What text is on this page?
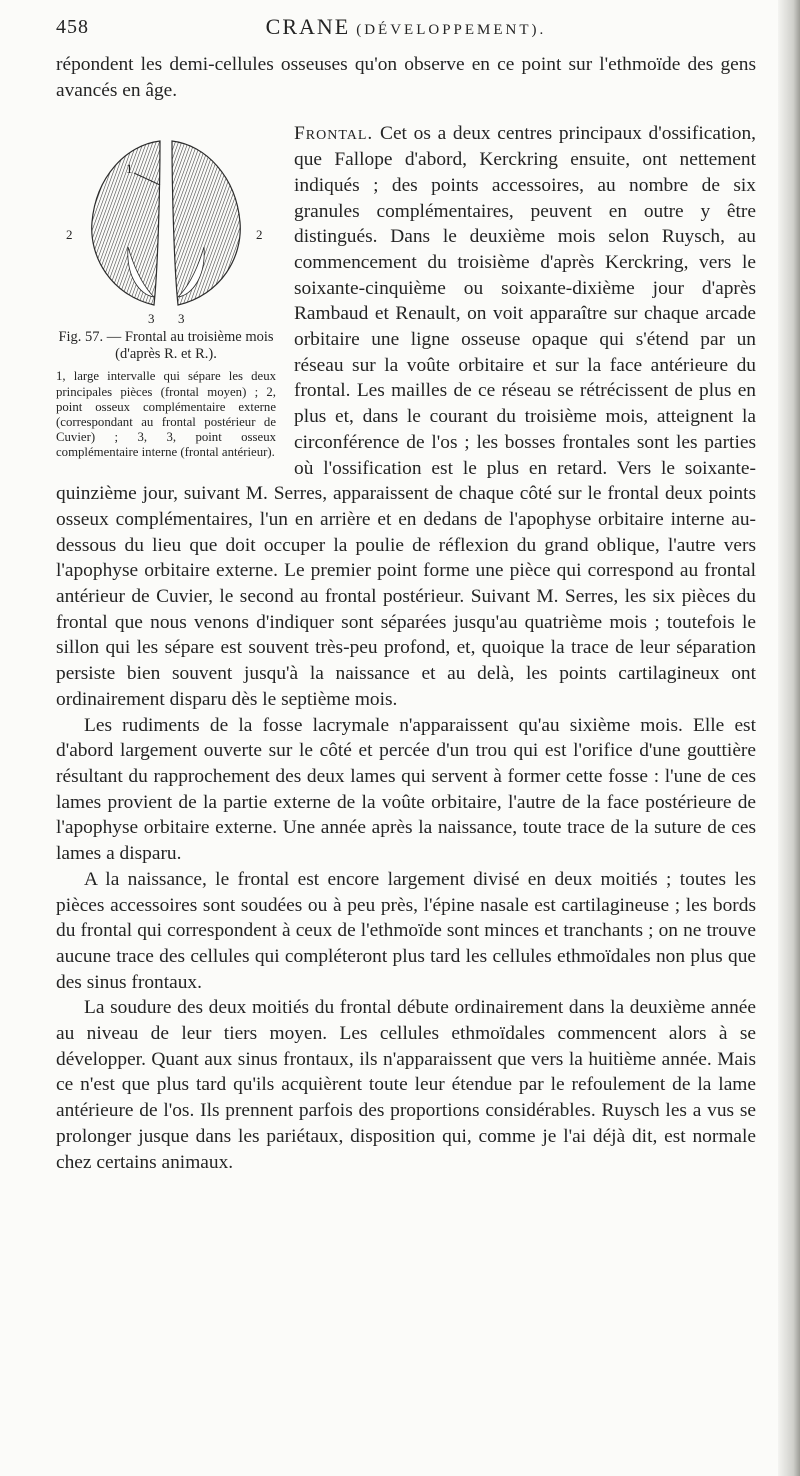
458	CRANE (DÉVELOPPEMENT).

répondent les demi-cellules osseuses qu'on observe en ce point sur l'ethmoïde des gens avancés en âge.

1
2	2
3 3
Fig. 57. — Frontal au troisième mois (d'après R. et R.).
1, large intervalle qui sépare les deux principales pièces (frontal moyen) ; 2, point osseux complémentaire externe (correspondant au frontal postérieur de Cuvier) ; 3, 3, point osseux complémentaire interne (frontal antérieur).
Frontal. Cet os a deux centres principaux d'ossification, que Fallope d'abord, Kerckring ensuite, ont nettement indiqués ; des points accessoires, au nombre de six granules complémentaires, peuvent en outre y être distingués. Dans le deuxième mois selon Ruysch, au commencement du troisième d'après Kerckring, vers le soixante-cinquième ou soixante-dixième jour d'après Rambaud et Renault, on voit apparaître sur chaque arcade orbitaire une ligne osseuse opaque qui s'étend par un réseau sur la voûte orbitaire et sur la face antérieure du frontal. Les mailles de ce réseau se rétrécissent de plus en plus et, dans le courant du troisième mois, atteignent la circonférence de l'os ; les bosses frontales sont les parties où l'ossification est le plus en retard. Vers le soixante-quinzième jour, suivant M. Serres, apparaissent de chaque côté sur le frontal deux points osseux complémentaires, l'un en arrière et en dedans de l'apophyse orbitaire interne au-dessous du lieu que doit occuper la poulie de réflexion du grand oblique, l'autre vers l'apophyse orbitaire externe. Le premier point forme une pièce qui correspond au frontal antérieur de Cuvier, le second au frontal postérieur. Suivant M. Serres, les six pièces du frontal que nous venons d'indiquer sont séparées jusqu'au quatrième mois ; toutefois le sillon qui les sépare est souvent très-peu profond, et, quoique la trace de leur séparation persiste bien souvent jusqu'à la naissance et au delà, les points cartilagineux ont ordinairement disparu dès le septième mois.

Les rudiments de la fosse lacrymale n'apparaissent qu'au sixième mois. Elle est d'abord largement ouverte sur le côté et percée d'un trou qui est l'orifice d'une gouttière résultant du rapprochement des deux lames qui servent à former cette fosse : l'une de ces lames provient de la partie externe de la voûte orbitaire, l'autre de la face postérieure de l'apophyse orbitaire externe. Une année après la naissance, toute trace de la suture de ces lames a disparu.

A la naissance, le frontal est encore largement divisé en deux moitiés ; toutes les pièces accessoires sont soudées ou à peu près, l'épine nasale est cartilagineuse ; les bords du frontal qui correspondent à ceux de l'ethmoïde sont minces et tranchants ; on ne trouve aucune trace des cellules qui compléteront plus tard les cellules ethmoïdales non plus que des sinus frontaux.

La soudure des deux moitiés du frontal débute ordinairement dans la deuxième année au niveau de leur tiers moyen. Les cellules ethmoïdales commencent alors à se développer. Quant aux sinus frontaux, ils n'apparaissent que vers la huitième année. Mais ce n'est que plus tard qu'ils acquièrent toute leur étendue par le refoulement de la lame antérieure de l'os. Ils prennent parfois des proportions considérables. Ruysch les a vus se prolonger jusque dans les pariétaux, disposition qui, comme je l'ai déjà dit, est normale chez certains animaux.
